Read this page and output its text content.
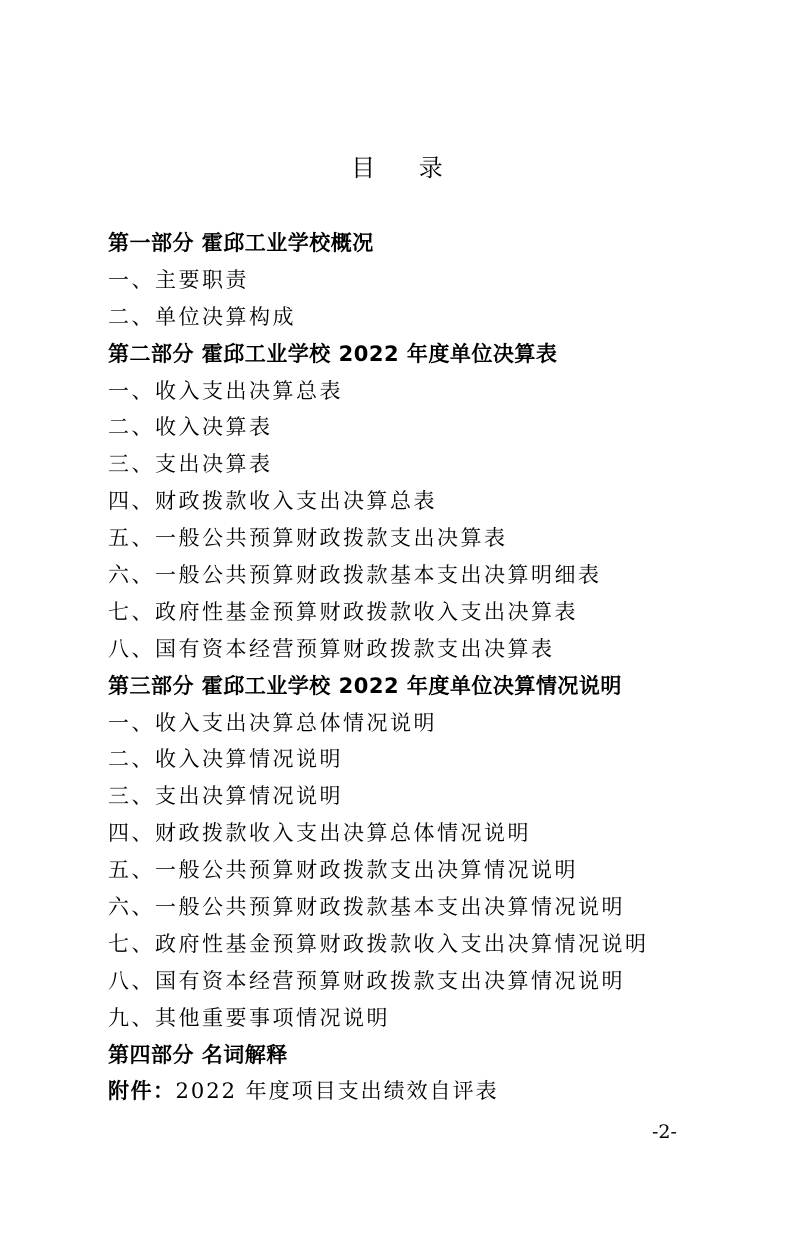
目 录
第一部分 霍邱工业学校概况
一、主要职责
二、单位决算构成
第二部分 霍邱工业学校 2022 年度单位决算表
一、收入支出决算总表
二、收入决算表
三、支出决算表
四、财政拨款收入支出决算总表
五、一般公共预算财政拨款支出决算表
六、一般公共预算财政拨款基本支出决算明细表
七、政府性基金预算财政拨款收入支出决算表
八、国有资本经营预算财政拨款支出决算表
第三部分 霍邱工业学校 2022 年度单位决算情况说明
一、收入支出决算总体情况说明
二、收入决算情况说明
三、支出决算情况说明
四、财政拨款收入支出决算总体情况说明
五、一般公共预算财政拨款支出决算情况说明
六、一般公共预算财政拨款基本支出决算情况说明
七、政府性基金预算财政拨款收入支出决算情况说明
八、国有资本经营预算财政拨款支出决算情况说明
九、其他重要事项情况说明
第四部分 名词解释
附件：2022 年度项目支出绩效自评表
-2-
